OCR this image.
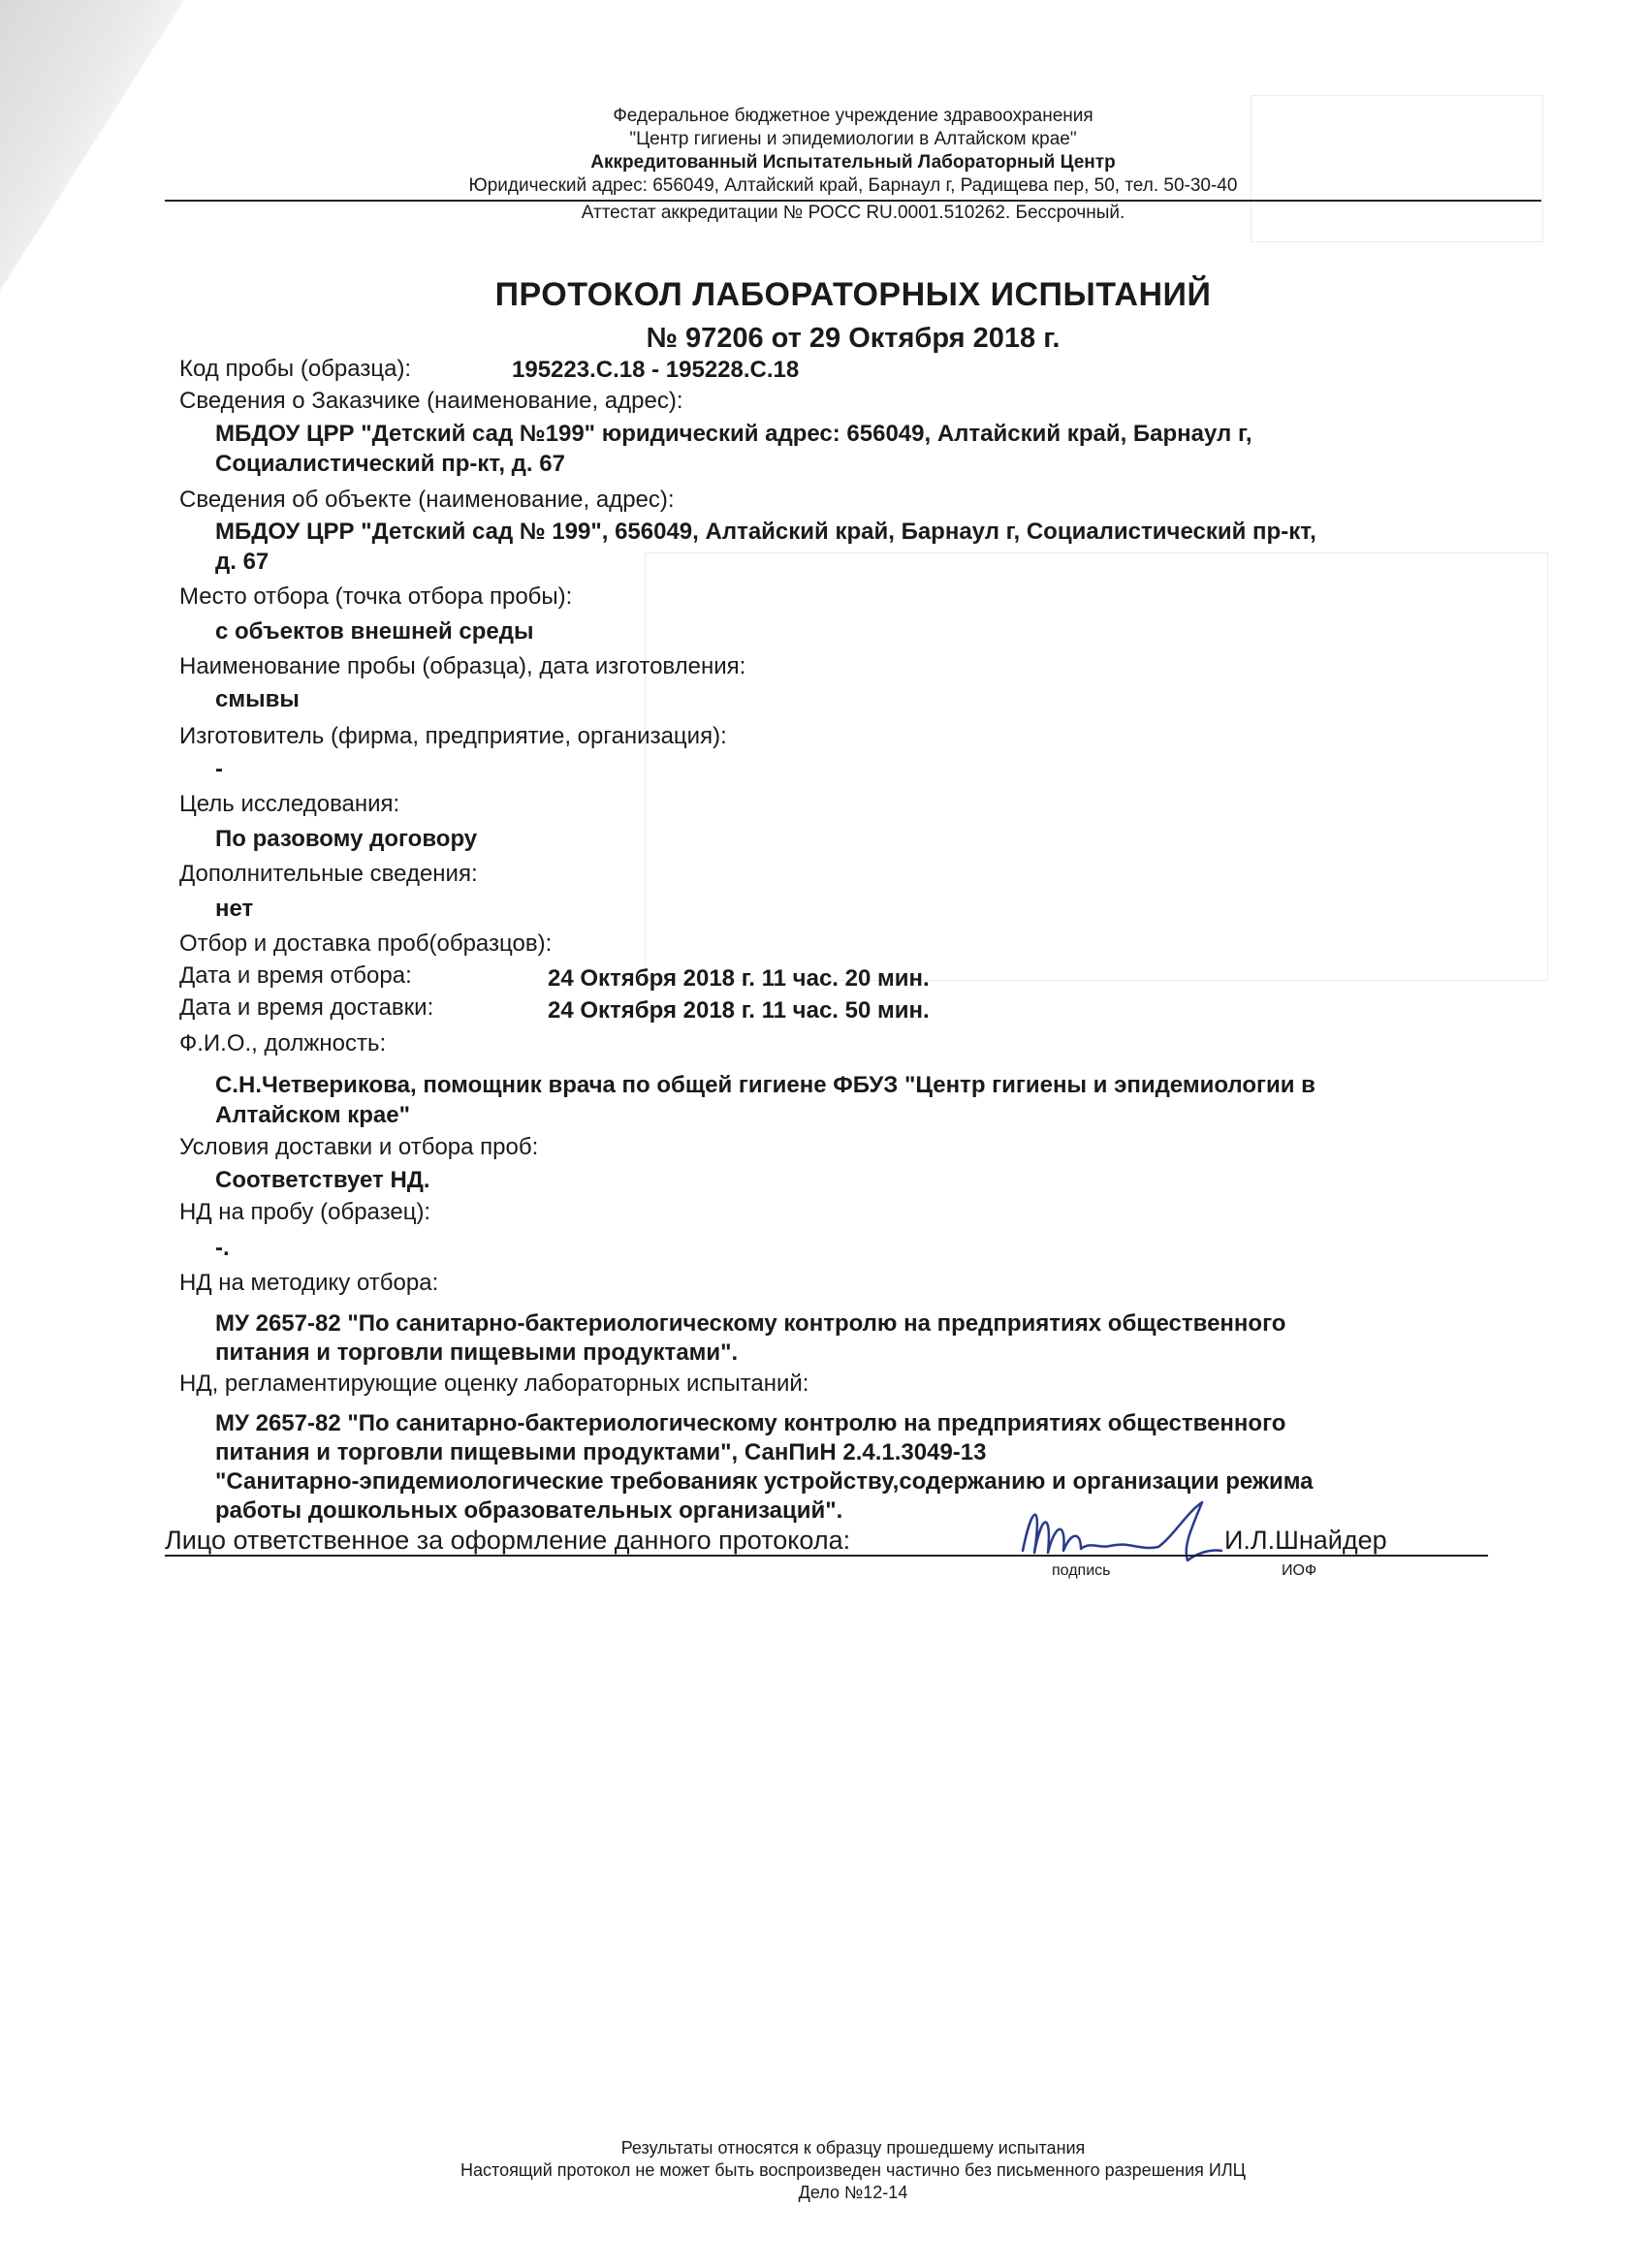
Федеральное бюджетное учреждение здравоохранения
"Центр гигиены и эпидемиологии в Алтайском крае"
Аккредитованный Испытательный Лабораторный Центр
Юридический адрес: 656049, Алтайский край, Барнаул г, Радищева пер, 50, тел. 50-30-40
Аттестат аккредитации № РОСС RU.0001.510262. Бессрочный.
ПРОТОКОЛ ЛАБОРАТОРНЫХ ИСПЫТАНИЙ
№ 97206 от 29 Октября 2018 г.
Код пробы (образца):	195223.С.18 - 195228.С.18
Сведения о Заказчике (наименование, адрес):
МБДОУ ЦРР "Детский сад №199" юридический адрес: 656049, Алтайский край, Барнаул г,
Социалистический пр-кт, д. 67
Сведения об объекте (наименование, адрес):
МБДОУ ЦРР "Детский сад № 199", 656049, Алтайский край, Барнаул г, Социалистический пр-кт,
д. 67
Место отбора (точка отбора пробы):
с объектов внешней среды
Наименование пробы (образца), дата изготовления:
смывы
Изготовитель (фирма, предприятие, организация):
-
Цель исследования:
По разовому договору
Дополнительные сведения:
нет
Отбор и доставка проб(образцов):
Дата и время отбора:	24 Октября 2018 г. 11 час. 20 мин.
Дата и время доставки:	24 Октября 2018 г. 11 час. 50 мин.
Ф.И.О., должность:
С.Н.Четверикова, помощник врача по общей гигиене ФБУЗ "Центр гигиены и эпидемиологии в
Алтайском крае"
Условия доставки и отбора проб:
Соответствует НД.
НД на пробу (образец):
-.
НД на методику отбора:
МУ 2657-82 "По санитарно-бактериологическому контролю на предприятиях общественного
питания и торговли пищевыми продуктами".
НД, регламентирующие оценку лабораторных испытаний:
МУ 2657-82 "По санитарно-бактериологическому контролю на предприятиях общественного
питания и торговли пищевыми продуктами", СанПиН 2.4.1.3049-13
"Санитарно-эпидемиологические требованияк устройству,содержанию и организации режима
работы дошкольных образовательных организаций".
Лицо ответственное за оформление данного протокола:	И.Л.Шнайдер
подпись	ИОФ
Результаты относятся к образцу прошедшему испытания
Настоящий протокол не может быть воспроизведен частично без письменного разрешения ИЛЦ
Дело №12-14
